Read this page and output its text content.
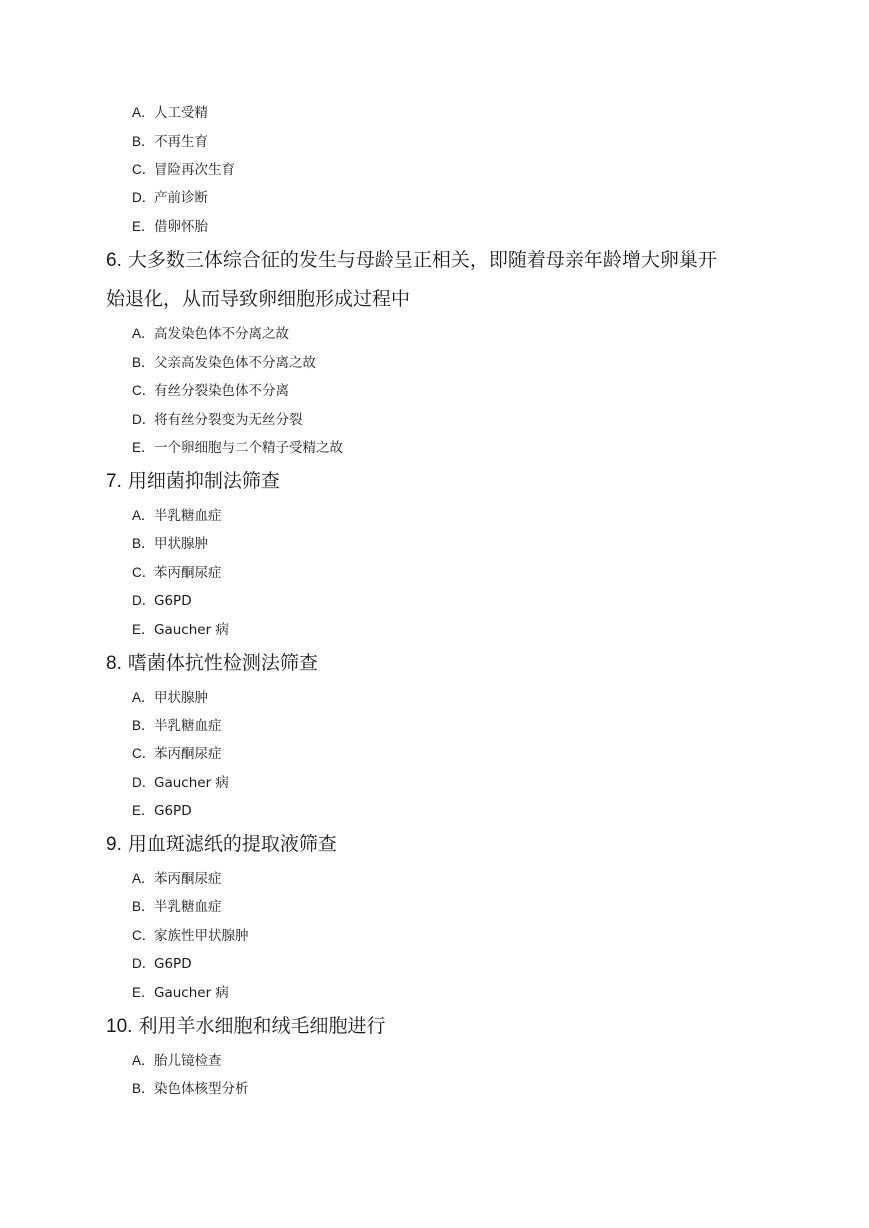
A．人工受精
B．不再生育
C．冒险再次生育
D．产前诊断
E．借卵怀胎
6. 大多数三体综合征的发生与母龄呈正相关，即随着母亲年龄增大卵巢开
始退化，从而导致卵细胞形成过程中
A．高发染色体不分离之故
B．父亲高发染色体不分离之故
C．有丝分裂染色体不分离
D．将有丝分裂变为无丝分裂
E．一个卵细胞与二个精子受精之故
7. 用细菌抑制法筛查
A．半乳糖血症
B．甲状腺肿
C．苯丙酮尿症
D．G6PD
E．Gaucher 病
8. 嗜菌体抗性检测法筛查
A．甲状腺肿
B．半乳糖血症
C．苯丙酮尿症
D．Gaucher 病
E．G6PD
9. 用血斑滤纸的提取液筛查
A．苯丙酮尿症
B．半乳糖血症
C．家族性甲状腺肿
D．G6PD
E．Gaucher 病
10. 利用羊水细胞和绒毛细胞进行
A．胎儿镜检查
B．染色体核型分析
